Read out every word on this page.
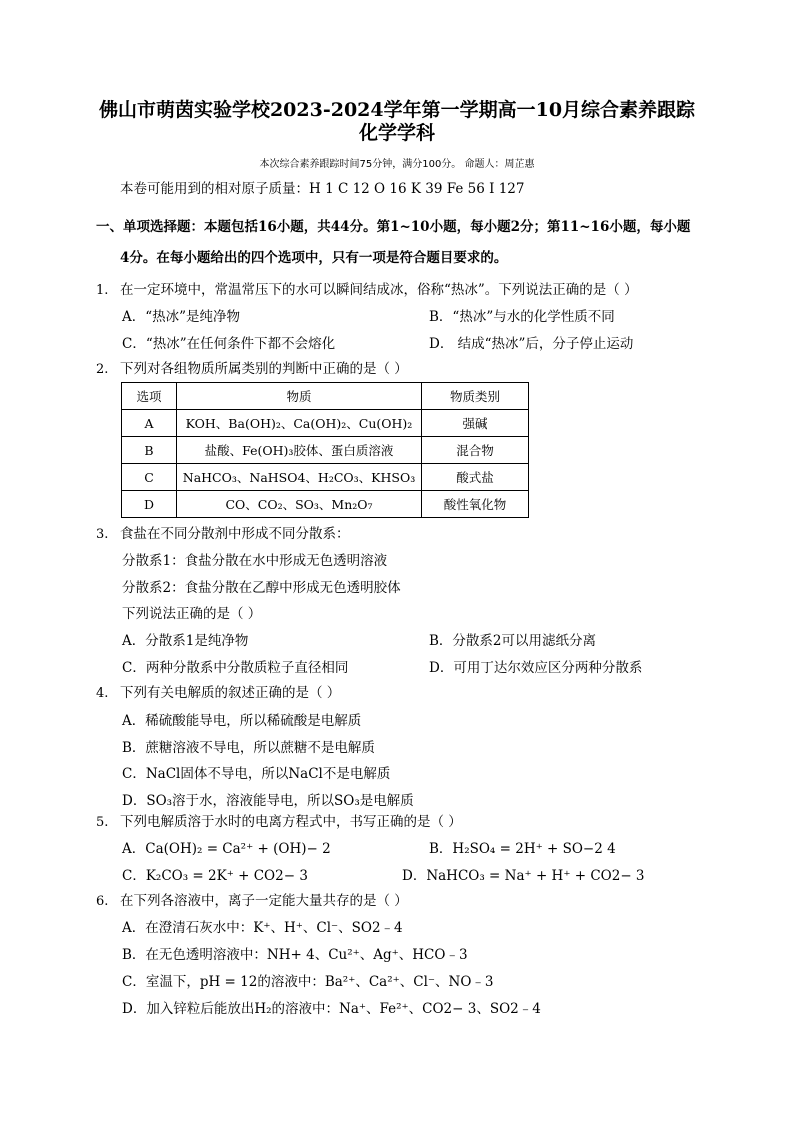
佛山市萌茵实验学校2023-2024学年第一学期高一10月综合素养跟踪
化学学科
本次综合素养跟踪时间75分钟，满分100分。 命题人：周芷惠
本卷可能用到的相对原子质量：H 1 C 12 O 16 K 39 Fe 56 I 127
一、单项选择题：本题包括16小题，共44分。第1~10小题，每小题2分；第11~16小题，每小题
4分。在每小题给出的四个选项中，只有一项是符合题目要求的。
1. 在一定环境中，常温常压下的水可以瞬间结成冰，俗称“热冰”。下列说法正确的是（ ）
A．“热冰”是纯净物	B．“热冰”与水的化学性质不同
C．“热冰”在任何条件下都不会熔化	D． 结成“热冰”后，分子停止运动
2. 下列对各组物质所属类别的判断中正确的是（ ）
选项	物质	物质类别
A	KOH、Ba(OH)₂、Ca(OH)₂、Cu(OH)₂	强碱
B	盐酸、Fe(OH)₃胶体、蛋白质溶液	混合物
C	NaHCO₃、NaHSO4、H₂CO₃、KHSO₃	酸式盐
D	CO、CO₂、SO₃、Mn₂O₇	酸性氧化物
3. 食盐在不同分散剂中形成不同分散系：
分散系1：食盐分散在水中形成无色透明溶液
分散系2：食盐分散在乙醇中形成无色透明胶体
下列说法正确的是（ ）
A．分散系1是纯净物	B．分散系2可以用滤纸分离
C．两种分散系中分散质粒子直径相同	D．可用丁达尔效应区分两种分散系
4. 下列有关电解质的叙述正确的是（ ）
A．稀硫酸能导电，所以稀硫酸是电解质
B．蔗糖溶液不导电，所以蔗糖不是电解质
C．NaCl固体不导电，所以NaCl不是电解质
D．SO₃溶于水，溶液能导电，所以SO₃是电解质
5. 下列电解质溶于水时的电离方程式中，书写正确的是（ ）
A．Ca(OH)₂ = Ca²⁺ + (OH)− 2	B．H₂SO₄ = 2H⁺ + SO−2 4
C．K₂CO₃ = 2K⁺ + CO2− 3	D．NaHCO₃ = Na⁺ + H⁺ + CO2− 3
6. 在下列各溶液中，离子一定能大量共存的是（ ）
A．在澄清石灰水中：K⁺、H⁺、Cl⁻、SO2﹣4
B．在无色透明溶液中：NH+ 4、Cu²⁺、Ag⁺、HCO﹣3
C．室温下，pH = 12的溶液中：Ba²⁺、Ca²⁺、Cl⁻、NO﹣3
D．加入锌粒后能放出H₂的溶液中：Na⁺、Fe²⁺、CO2− 3、SO2﹣4
